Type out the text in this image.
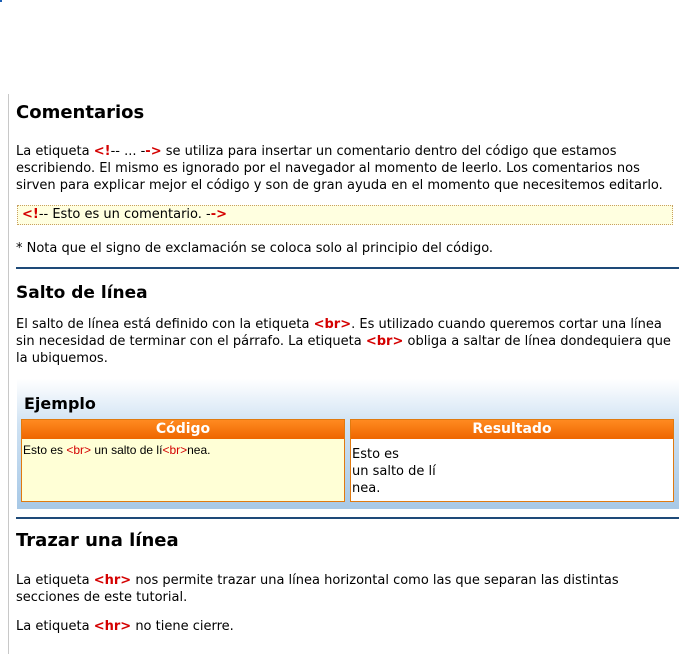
Comentarios

La etiqueta <!-- ... --> se utiliza para insertar un comentario dentro del código que estamos escribiendo. El mismo es ignorado por el navegador al momento de leerlo. Los comentarios nos sirven para explicar mejor el código y son de gran ayuda en el momento que necesitemos editarlo.

<!-- Esto es un comentario. -->

* Nota que el signo de exclamación se coloca solo al principio del código.

Salto de línea

El salto de línea está definido con la etiqueta <br>. Es utilizado cuando queremos cortar una línea sin necesidad de terminar con el párrafo. La etiqueta <br> obliga a saltar de línea dondequiera que la ubiquemos.

Ejemplo
Código
Esto es <br> un salto de lí<br>nea.
Resultado
Esto es
un salto de lí
nea.
Trazar una línea

La etiqueta <hr> nos permite trazar una línea horizontal como las que separan las distintas secciones de este tutorial.

La etiqueta <hr> no tiene cierre.
